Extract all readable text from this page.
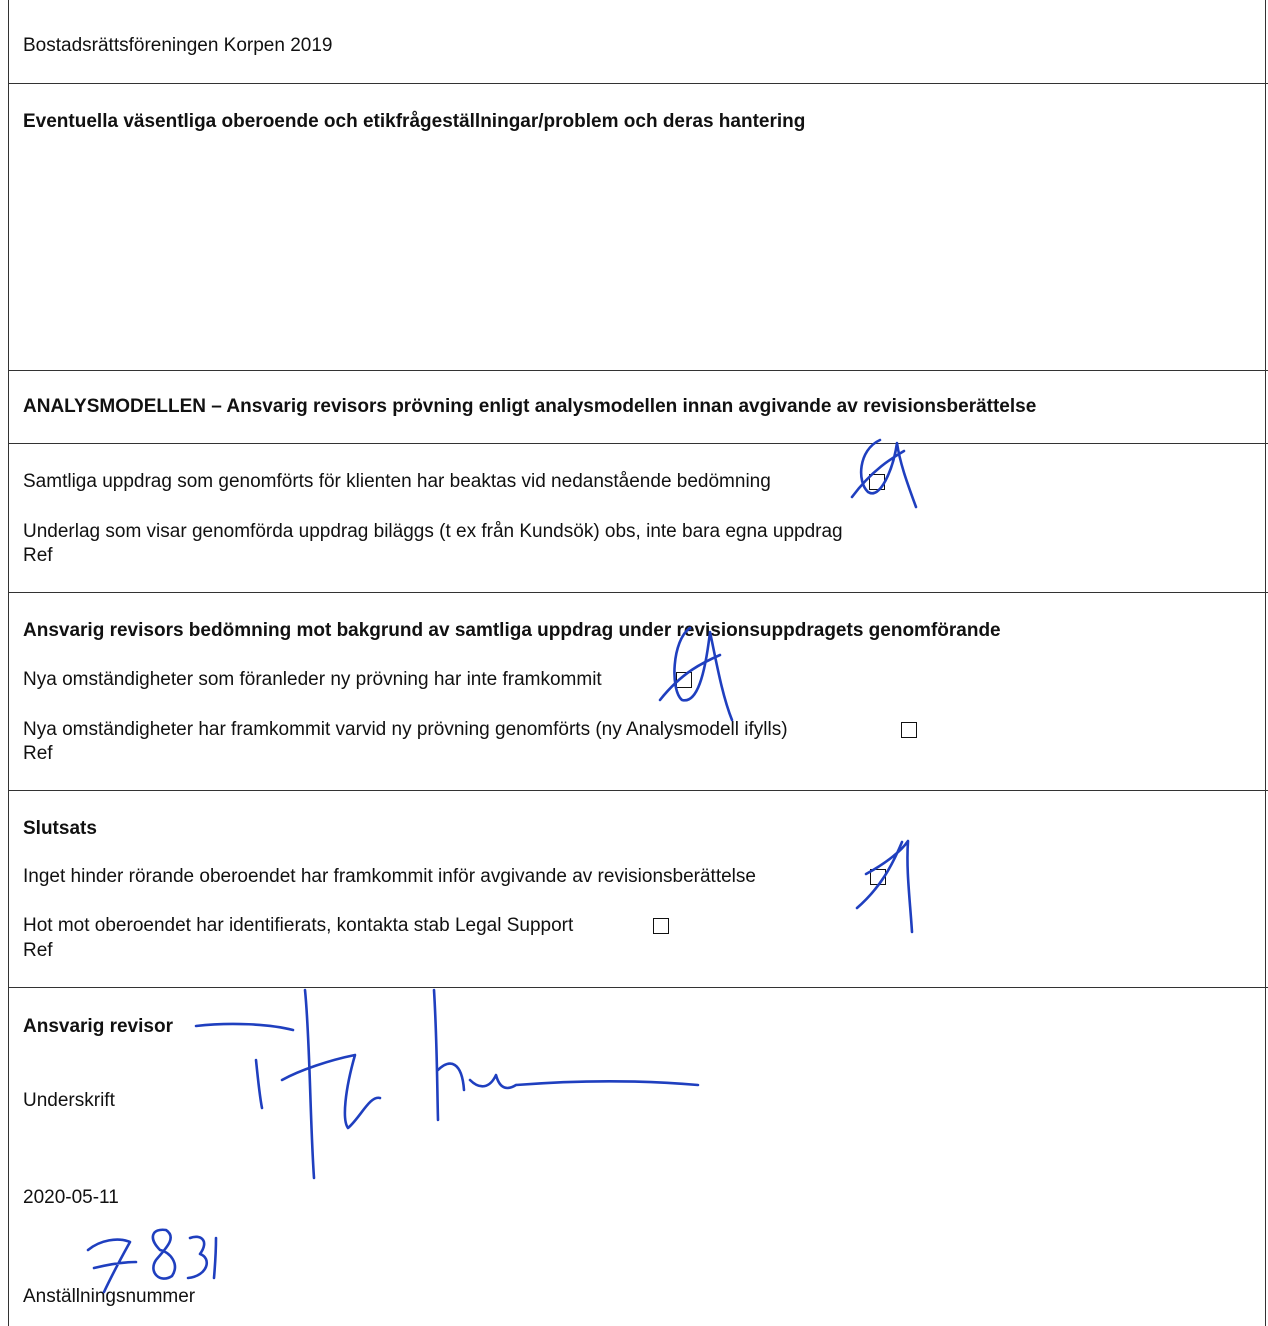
Bostadsrättsföreningen Korpen 2019
Eventuella väsentliga oberoende och etikfrågeställningar/problem och deras hantering
ANALYSMODELLEN – Ansvarig revisors prövning enligt analysmodellen innan avgivande av revisionsberättelse
Samtliga uppdrag som genomförts för klienten har beaktas vid nedanstående bedömning
Underlag som visar genomförda uppdrag biläggs (t ex från Kundsök) obs, inte bara egna uppdrag
Ref
Ansvarig revisors bedömning mot bakgrund av samtliga uppdrag under revisionsuppdragets genomförande
Nya omständigheter som föranleder ny prövning har inte framkommit
Nya omständigheter har framkommit varvid ny prövning genomförts (ny Analysmodell ifylls)
Ref
Slutsats
Inget hinder rörande oberoendet har framkommit inför avgivande av revisionsberättelse
Hot mot oberoendet har identifierats, kontakta stab Legal Support
Ref
Ansvarig revisor
Underskrift
2020-05-11
Anställningsnummer
